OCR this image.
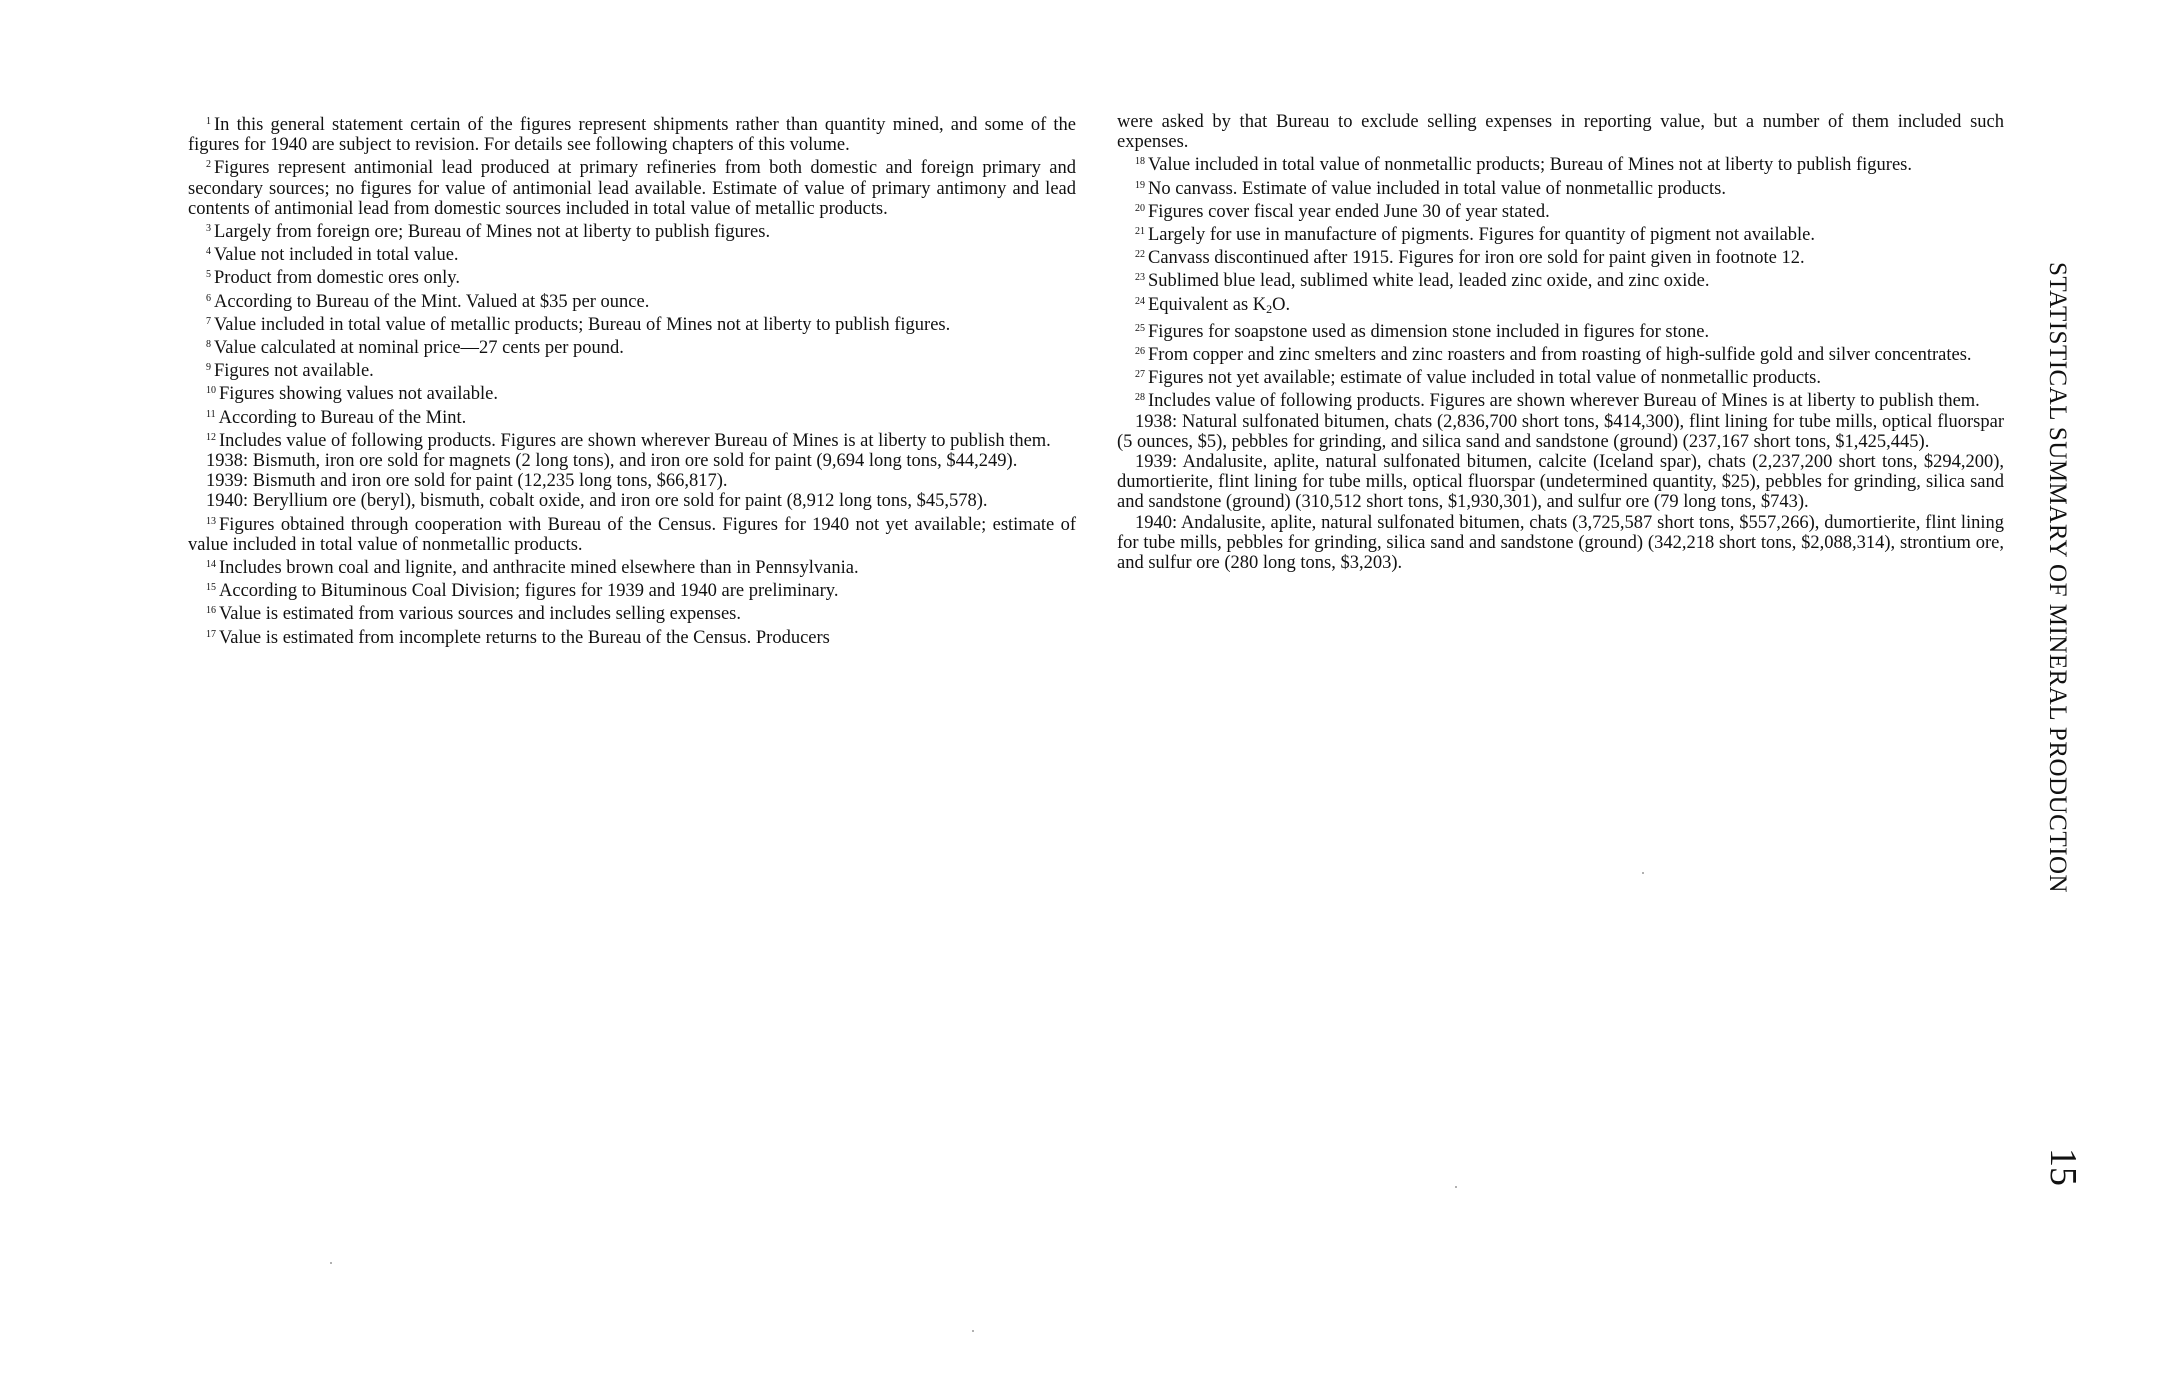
$^1$ In this general statement certain of the figures represent shipments rather than quantity mined, and some of the figures for 1940 are subject to revision. For details see following chapters of this volume.

$^2$ Figures represent antimonial lead produced at primary refineries from both domestic and foreign primary and secondary sources; no figures for value of antimonial lead available. Estimate of value of primary antimony and lead contents of antimonial lead from domestic sources included in total value of metallic products.

$^3$ Largely from foreign ore; Bureau of Mines not at liberty to publish figures.

$^4$ Value not included in total value.

$^5$ Product from domestic ores only.

$^6$ According to Bureau of the Mint. Valued at $35 per ounce.

$^7$ Value included in total value of metallic products; Bureau of Mines not at liberty to publish figures.

$^8$ Value calculated at nominal price—27 cents per pound.

$^9$ Figures not available.

$^{10}$ Figures showing values not available.

$^{11}$ According to Bureau of the Mint.

$^{12}$ Includes value of following products. Figures are shown wherever Bureau of Mines is at liberty to publish them.

1938: Bismuth, iron ore sold for magnets (2 long tons), and iron ore sold for paint (9,694 long tons, $44,249).

1939: Bismuth and iron ore sold for paint (12,235 long tons, $66,817).

1940: Beryllium ore (beryl), bismuth, cobalt oxide, and iron ore sold for paint (8,912 long tons, $45,578).

$^{13}$ Figures obtained through cooperation with Bureau of the Census. Figures for 1940 not yet available; estimate of value included in total value of nonmetallic products.

$^{14}$ Includes brown coal and lignite, and anthracite mined elsewhere than in Pennsylvania.

$^{15}$ According to Bituminous Coal Division; figures for 1939 and 1940 are preliminary.

$^{16}$ Value is estimated from various sources and includes selling expenses.

$^{17}$ Value is estimated from incomplete returns to the Bureau of the Census. Producers

were asked by that Bureau to exclude selling expenses in reporting value, but a number of them included such expenses.

$^{18}$ Value included in total value of nonmetallic products; Bureau of Mines not at liberty to publish figures.

$^{19}$ No canvass. Estimate of value included in total value of nonmetallic products.

$^{20}$ Figures cover fiscal year ended June 30 of year stated.

$^{21}$ Largely for use in manufacture of pigments. Figures for quantity of pigment not available.

$^{22}$ Canvass discontinued after 1915. Figures for iron ore sold for paint given in footnote 12.

$^{23}$ Sublimed blue lead, sublimed white lead, leaded zinc oxide, and zinc oxide.

$^{24}$ Equivalent as $K_2O$.

$^{25}$ Figures for soapstone used as dimension stone included in figures for stone.

$^{26}$ From copper and zinc smelters and zinc roasters and from roasting of high-sulfide gold and silver concentrates.

$^{27}$ Figures not yet available; estimate of value included in total value of nonmetallic products.

$^{28}$ Includes value of following products. Figures are shown wherever Bureau of Mines is at liberty to publish them.

1938: Natural sulfonated bitumen, chats (2,836,700 short tons, $414,300), flint lining for tube mills, optical fluorspar (5 ounces, $5), pebbles for grinding, and silica sand and sandstone (ground) (237,167 short tons, $1,425,445).

1939: Andalusite, aplite, natural sulfonated bitumen, calcite (Iceland spar), chats (2,237,200 short tons, $294,200), dumortierite, flint lining for tube mills, optical fluorspar (undetermined quantity, $25), pebbles for grinding, silica sand and sandstone (ground) (310,512 short tons, $1,930,301), and sulfur ore (79 long tons, $743).

1940: Andalusite, aplite, natural sulfonated bitumen, chats (3,725,587 short tons, $557,266), dumortierite, flint lining for tube mills, pebbles for grinding, silica sand and sandstone (ground) (342,218 short tons, $2,088,314), strontium ore, and sulfur ore (280 long tons, $3,203).	STATISTICAL SUMMARY OF MINERAL PRODUCTION
15
